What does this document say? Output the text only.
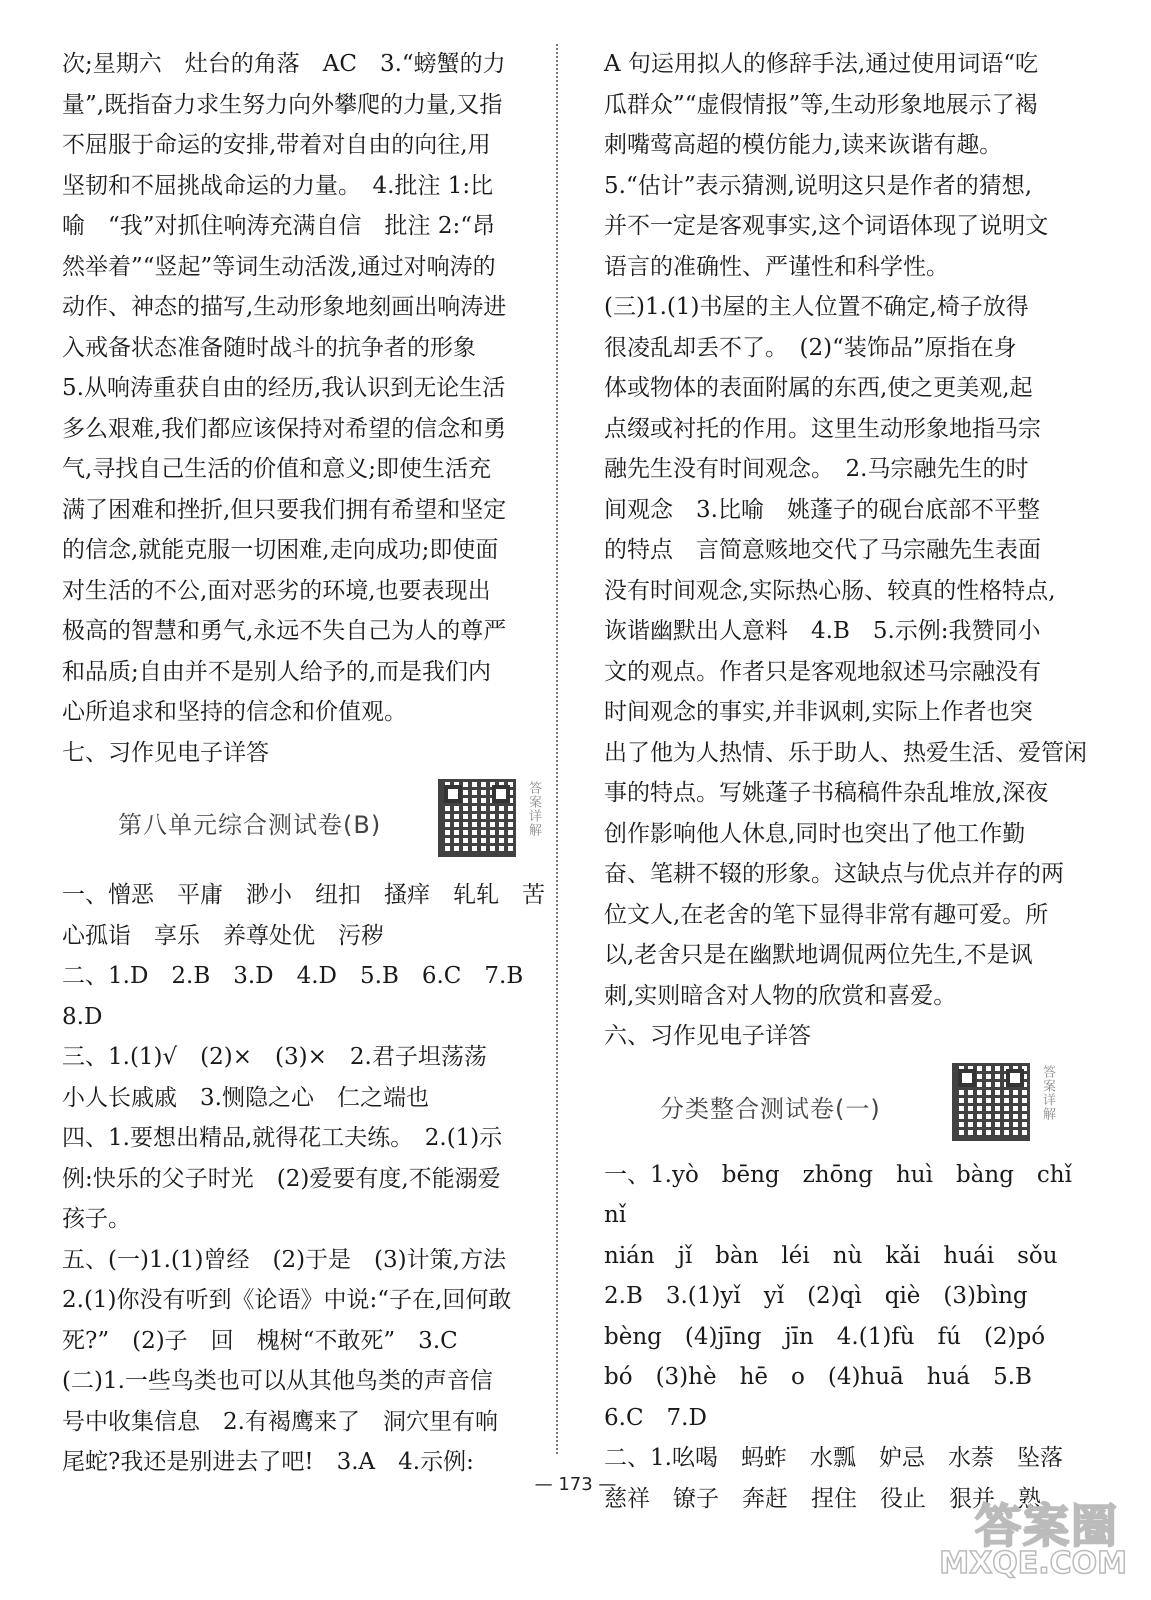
次;星期六　灶台的角落　AC　3.“螃蟹的力

量”,既指奋力求生努力向外攀爬的力量,又指

不屈服于命运的安排,带着对自由的向往,用

坚韧和不屈挑战命运的力量。　4.批注 1:比

喻　“我”对抓住响涛充满自信　批注 2:“昂

然举着”“竖起”等词生动活泼,通过对响涛的

动作、神态的描写,生动形象地刻画出响涛进

入戒备状态准备随时战斗的抗争者的形象

5.从响涛重获自由的经历,我认识到无论生活

多么艰难,我们都应该保持对希望的信念和勇

气,寻找自己生活的价值和意义;即使生活充

满了困难和挫折,但只要我们拥有希望和坚定

的信念,就能克服一切困难,走向成功;即使面

对生活的不公,面对恶劣的环境,也要表现出

极高的智慧和勇气,永远不失自己为人的尊严

和品质;自由并不是别人给予的,而是我们内

心所追求和坚持的信念和价值观。

七、习作见电子详答

第八单元综合测试卷(B)	答案详解

一、憎恶　平庸　渺小　纽扣　搔痒　轧轧　苦

心孤诣　享乐　养尊处优　污秽

二、1.D　2.B　3.D　4.D　5.B　6.C　7.B

8.D

三、1.(1)√　(2)×　(3)×　2.君子坦荡荡

小人长戚戚　3.恻隐之心　仁之端也

四、1.要想出精品,就得花工夫练。　2.(1)示

例:快乐的父子时光　(2)爱要有度,不能溺爱

孩子。

五、(一)1.(1)曾经　(2)于是　(3)计策,方法

2.(1)你没有听到《论语》中说:“子在,回何敢

死?”　(2)子　回　槐树“不敢死”　3.C

(二)1.一些鸟类也可以从其他鸟类的声音信

号中收集信息　2.有褐鹰来了　洞穴里有响

尾蛇?我还是别进去了吧!　3.A　4.示例:

A 句运用拟人的修辞手法,通过使用词语“吃

瓜群众”“虚假情报”等,生动形象地展示了褐

刺嘴莺高超的模仿能力,读来诙谐有趣。

5.“估计”表示猜测,说明这只是作者的猜想,

并不一定是客观事实,这个词语体现了说明文

语言的准确性、严谨性和科学性。

(三)1.(1)书屋的主人位置不确定,椅子放得

很凌乱却丢不了。　(2)“装饰品”原指在身

体或物体的表面附属的东西,使之更美观,起

点缀或衬托的作用。这里生动形象地指马宗

融先生没有时间观念。　2.马宗融先生的时

间观念　3.比喻　姚蓬子的砚台底部不平整

的特点　言简意赅地交代了马宗融先生表面

没有时间观念,实际热心肠、较真的性格特点,

诙谐幽默出人意料　4.B　5.示例:我赞同小

文的观点。作者只是客观地叙述马宗融没有

时间观念的事实,并非讽刺,实际上作者也突

出了他为人热情、乐于助人、热爱生活、爱管闲

事的特点。写姚蓬子书稿稿件杂乱堆放,深夜

创作影响他人休息,同时也突出了他工作勤

奋、笔耕不辍的形象。这缺点与优点并存的两

位文人,在老舍的笔下显得非常有趣可爱。所

以,老舍只是在幽默地调侃两位先生,不是讽

刺,实则暗含对人物的欣赏和喜爱。

六、习作见电子详答

分类整合测试卷(一)	答案详解

一、1.yò　bēng　zhōng　huì　bàng　chǐ　nǐ

nián　jǐ　bàn　léi　nù　kǎi　huái　sǒu

2.B　3.(1)yǐ　yǐ　(2)qì　qiè　(3)bìng

bèng　(4)jīng　jīn　4.(1)fù　fú　(2)pó

bó　(3)hè　hē　o　(4)huā　huá　5.B

6.C　7.D

二、1.吆喝　蚂蚱　水瓢　妒忌　水萘　坠落

慈祥　镣子　奔赶　捏住　役止　狠并　熟

— 173 —
答案圈
MXQE.COM
